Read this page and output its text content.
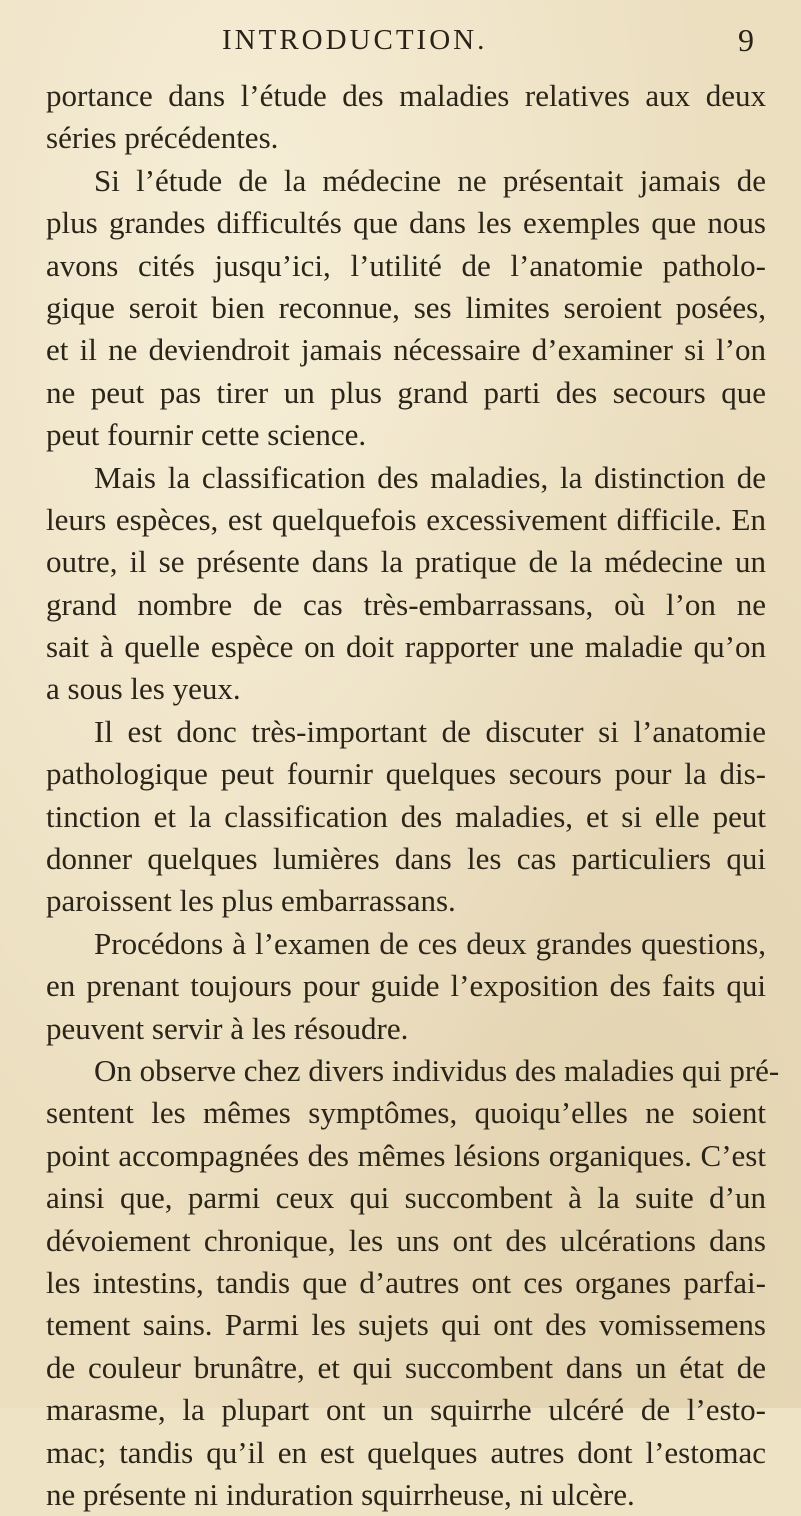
INTRODUCTION.	9
portance dans l’étude des maladies relatives aux deux
séries précédentes.
Si l’étude de la médecine ne présentait jamais de
plus grandes difficultés que dans les exemples que nous
avons cités jusqu’ici, l’utilité de l’anatomie patholo-
gique seroit bien reconnue, ses limites seroient posées,
et il ne deviendroit jamais nécessaire d’examiner si l’on
ne peut pas tirer un plus grand parti des secours que
peut fournir cette science.
Mais la classification des maladies, la distinction de
leurs espèces, est quelquefois excessivement difficile. En
outre, il se présente dans la pratique de la médecine un
grand nombre de cas très-embarrassans, où l’on ne
sait à quelle espèce on doit rapporter une maladie qu’on
a sous les yeux.
Il est donc très-important de discuter si l’anatomie
pathologique peut fournir quelques secours pour la dis-
tinction et la classification des maladies, et si elle peut
donner quelques lumières dans les cas particuliers qui
paroissent les plus embarrassans.
Procédons à l’examen de ces deux grandes questions,
en prenant toujours pour guide l’exposition des faits qui
peuvent servir à les résoudre.
On observe chez divers individus des maladies qui pré-
sentent les mêmes symptômes, quoiqu’elles ne soient
point accompagnées des mêmes lésions organiques. C’est
ainsi que, parmi ceux qui succombent à la suite d’un
dévoiement chronique, les uns ont des ulcérations dans
les intestins, tandis que d’autres ont ces organes parfai-
tement sains. Parmi les sujets qui ont des vomissemens
de couleur brunâtre, et qui succombent dans un état de
marasme, la plupart ont un squirrhe ulcéré de l’esto-
mac; tandis qu’il en est quelques autres dont l’estomac
ne présente ni induration squirrheuse, ni ulcère.
